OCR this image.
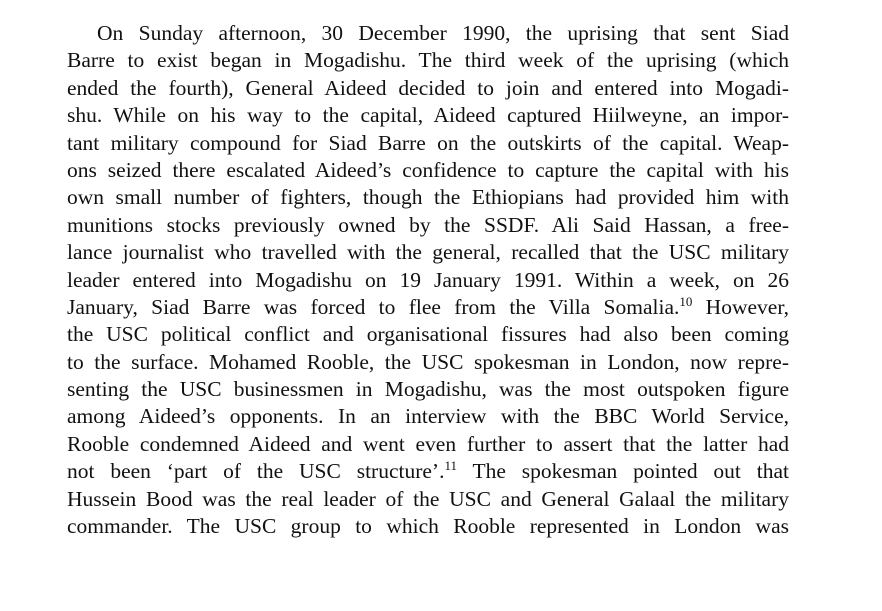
On Sunday afternoon, 30 December 1990, the uprising that sent Siad
Barre to exist began in Mogadishu. The third week of the uprising (which
ended the fourth), General Aideed decided to join and entered into Mogadi-
shu. While on his way to the capital, Aideed captured Hiilweyne, an impor-
tant military compound for Siad Barre on the outskirts of the capital. Weap-
ons seized there escalated Aideed’s confidence to capture the capital with his
own small number of fighters, though the Ethiopians had provided him with
munitions stocks previously owned by the SSDF. Ali Said Hassan, a free-
lance journalist who travelled with the general, recalled that the USC military
leader entered into Mogadishu on 19 January 1991. Within a week, on 26
January, Siad Barre was forced to flee from the Villa Somalia.$^{10}$ However,
the USC political conflict and organisational fissures had also been coming
to the surface. Mohamed Rooble, the USC spokesman in London, now repre-
senting the USC businessmen in Mogadishu, was the most outspoken figure
among Aideed’s opponents. In an interview with the BBC World Service,
Rooble condemned Aideed and went even further to assert that the latter had
not been ‘part of the USC structure’.$^{11}$ The spokesman pointed out that
Hussein Bood was the real leader of the USC and General Galaal the military
commander. The USC group to which Rooble represented in London was
